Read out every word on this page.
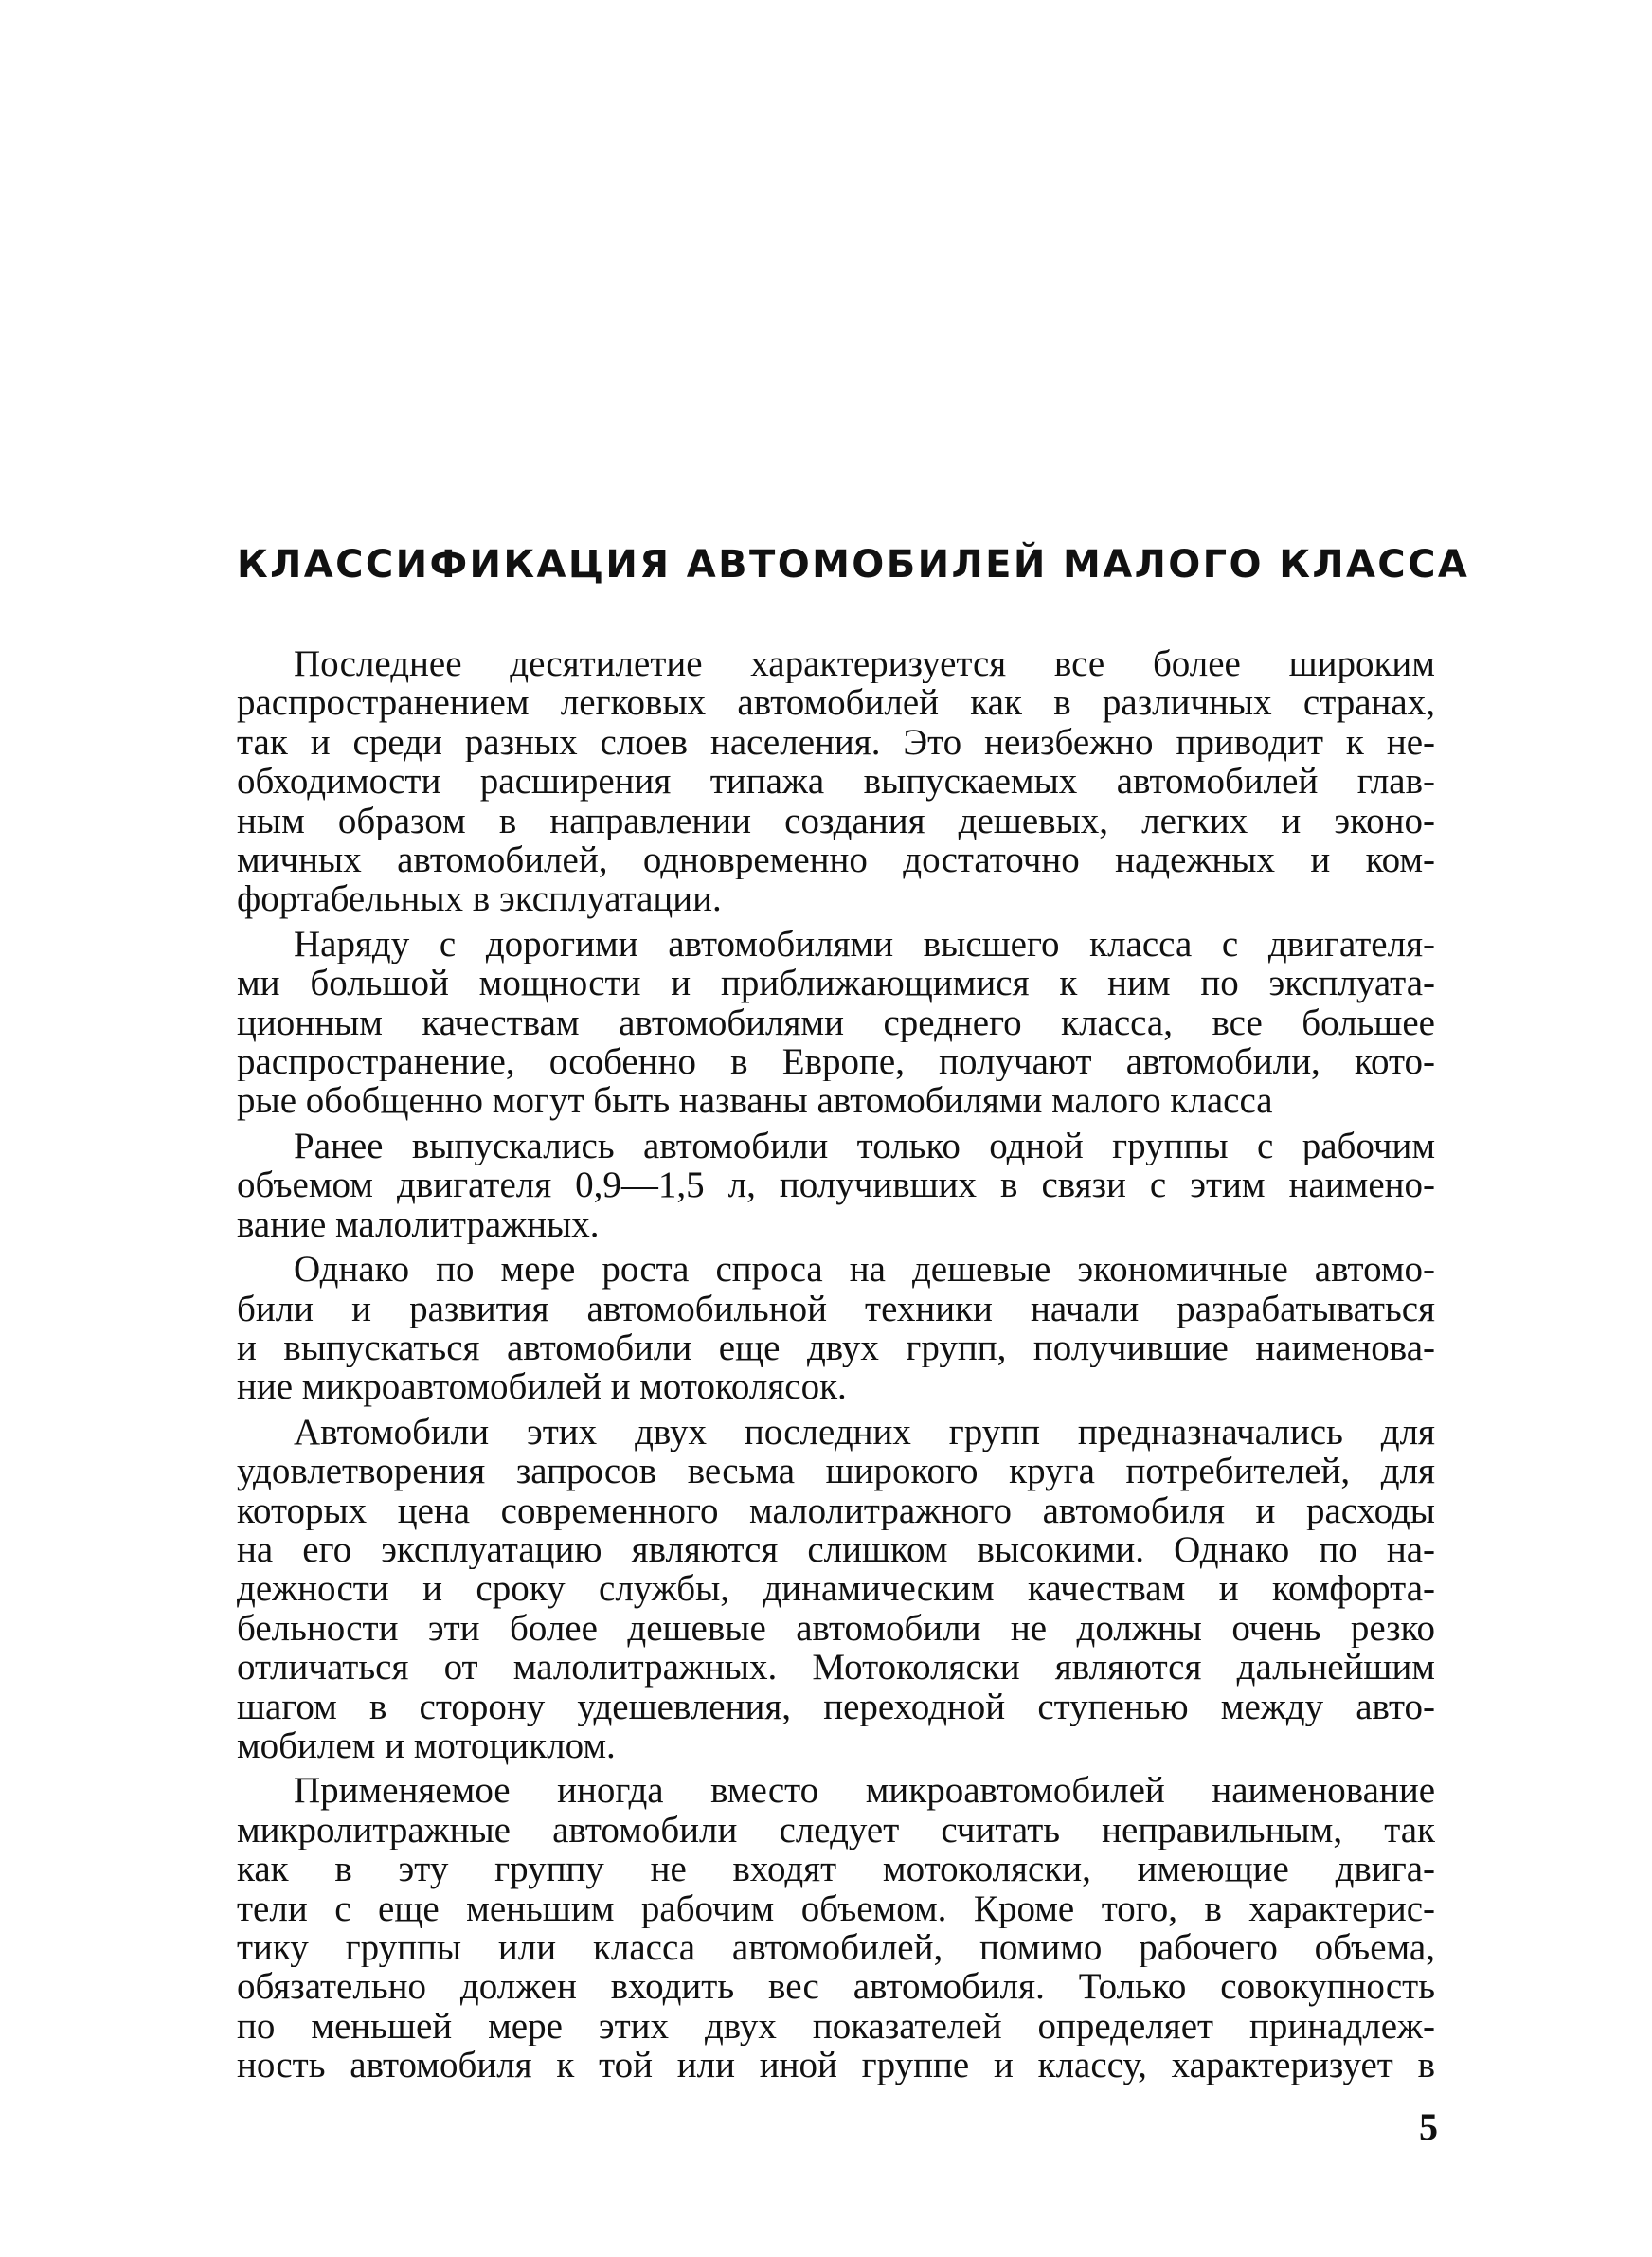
КЛАССИФИКАЦИЯ АВТОМОБИЛЕЙ МАЛОГО КЛАССА
Последнее десятилетие характеризуется все более широким
распространением легковых автомобилей как в различных странах,
так и среди разных слоев населения. Это неизбежно приводит к не-
обходимости расширения типажа выпускаемых автомобилей глав-
ным образом в направлении создания дешевых, легких и эконо-
мичных автомобилей, одновременно достаточно надежных и ком-
фортабельных в эксплуатации.
Наряду с дорогими автомобилями высшего класса с двигателя-
ми большой мощности и приближающимися к ним по эксплуата-
ционным качествам автомобилями среднего класса, все большее
распространение, особенно в Европе, получают автомобили, кото-
рые обобщенно могут быть названы автомобилями малого класса
Ранее выпускались автомобили только одной группы с рабочим
объемом двигателя 0,9—1,5 л, получивших в связи с этим наимено-
вание малолитражных.
Однако по мере роста спроса на дешевые экономичные автомо-
били и развития автомобильной техники начали разрабатываться
и выпускаться автомобили еще двух групп, получившие наименова-
ние микроавтомобилей и мотоколясок.
Автомобили этих двух последних групп предназначались для
удовлетворения запросов весьма широкого круга потребителей, для
которых цена современного малолитражного автомобиля и расходы
на его эксплуатацию являются слишком высокими. Однако по на-
дежности и сроку службы, динамическим качествам и комфорта-
бельности эти более дешевые автомобили не должны очень резко
отличаться от малолитражных. Мотоколяски являются дальнейшим
шагом в сторону удешевления, переходной ступенью между авто-
мобилем и мотоциклом.
Применяемое иногда вместо микроавтомобилей наименование
микролитражные автомобили следует считать неправильным, так
как в эту группу не входят мотоколяски, имеющие двига-
тели с еще меньшим рабочим объемом. Кроме того, в характерис-
тику группы или класса автомобилей, помимо рабочего объема,
обязательно должен входить вес автомобиля. Только совокупность
по меньшей мере этих двух показателей определяет принадлеж-
ность автомобиля к той или иной группе и классу, характеризует в
5
